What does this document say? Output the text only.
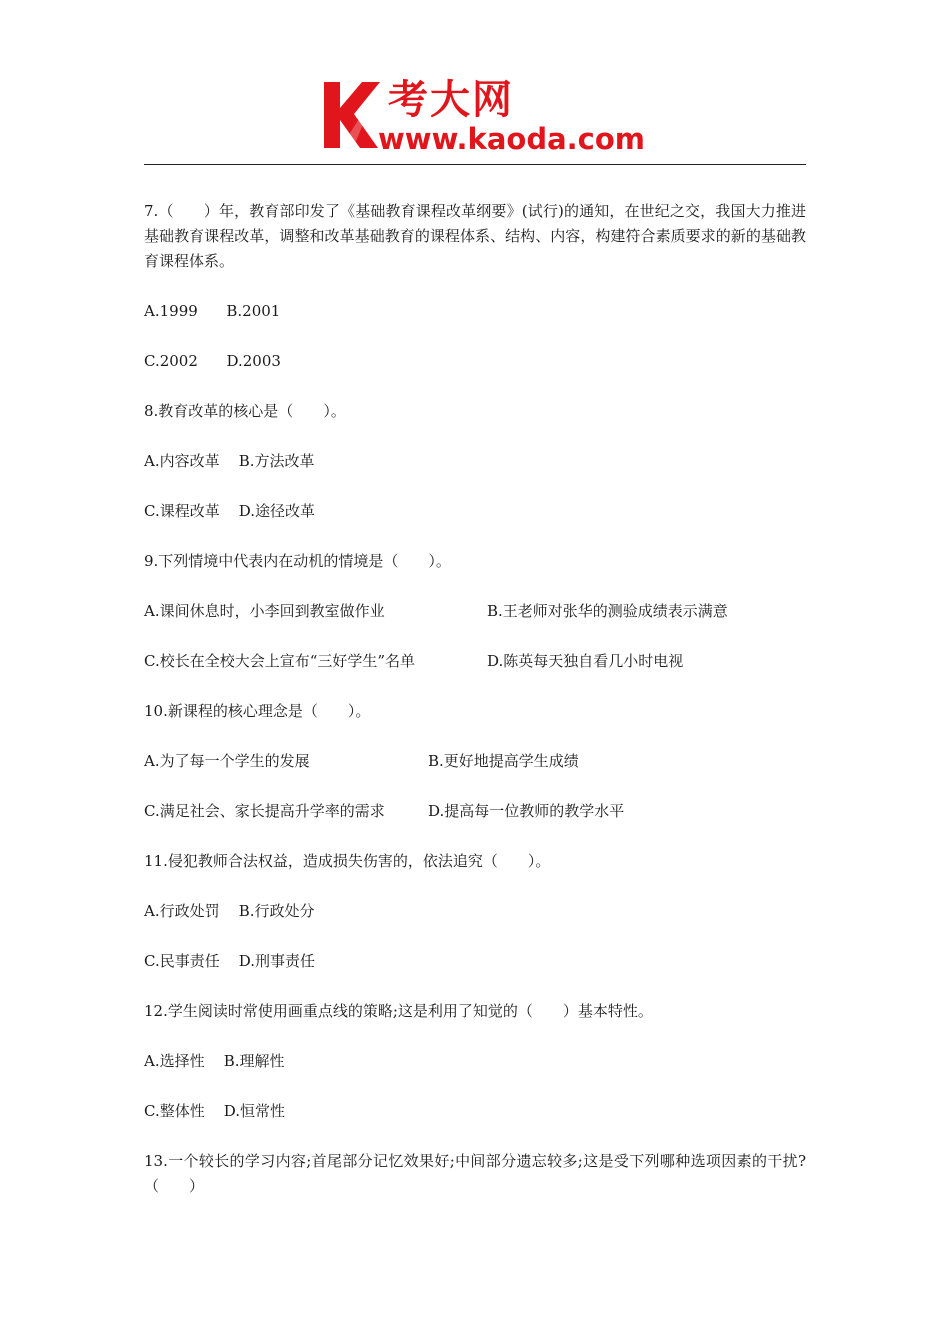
考大网
www.kaoda.com

7.（　　）年，教育部印发了《基础教育课程改革纲要》(试行)的通知，在世纪之交，我国大力推进基础教育课程改革，调整和改革基础教育的课程体系、结构、内容，构建符合素质要求的新的基础教育课程体系。

A.1999 B.2001
C.2002 D.2003

8.教育改革的核心是（　　）。

A.内容改革 B.方法改革
C.课程改革 D.途径改革

9.下列情境中代表内在动机的情境是（　　）。

A.课间休息时，小李回到教室做作业	B.王老师对张华的测验成绩表示满意
C.校长在全校大会上宣布“三好学生”名单	D.陈英每天独自看几小时电视

10.新课程的核心理念是（　　）。

A.为了每一个学生的发展	B.更好地提高学生成绩
C.满足社会、家长提高升学率的需求	D.提高每一位教师的教学水平

11.侵犯教师合法权益，造成损失伤害的，依法追究（　　）。

A.行政处罚 B.行政处分
C.民事责任 D.刑事责任

12.学生阅读时常使用画重点线的策略;这是利用了知觉的（　　）基本特性。

A.选择性 B.理解性
C.整体性 D.恒常性

13.一个较长的学习内容;首尾部分记忆效果好;中间部分遗忘较多;这是受下列哪种选项因素的干扰?（　　）
